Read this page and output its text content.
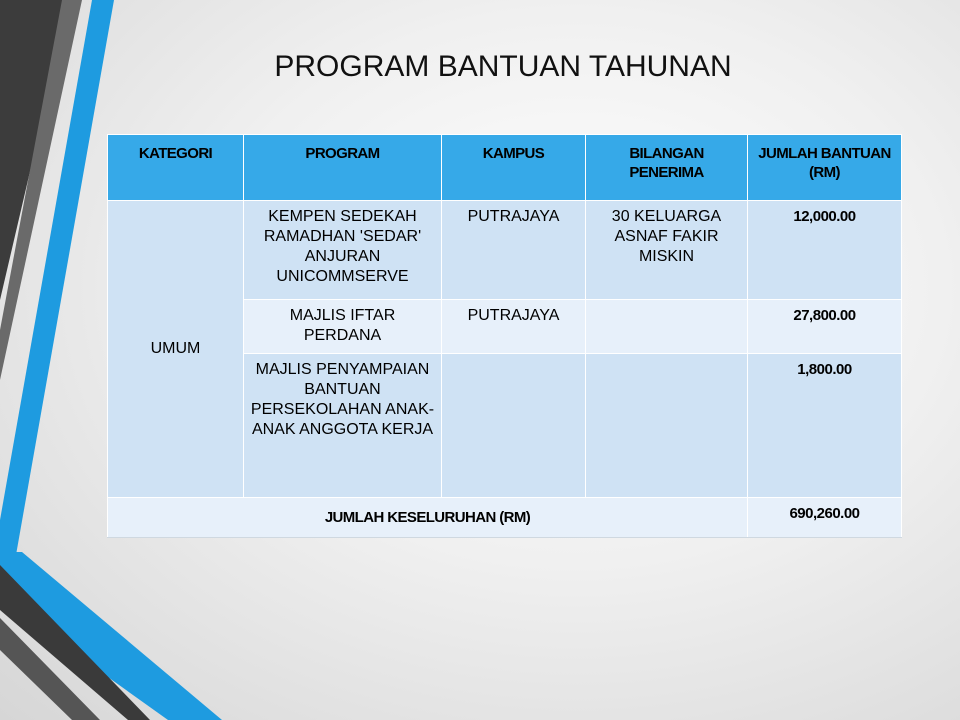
PROGRAM BANTUAN TAHUNAN
KATEGORI	PROGRAM	KAMPUS	BILANGAN PENERIMA	JUMLAH BANTUAN (RM)
UMUM	KEMPEN SEDEKAH RAMADHAN 'SEDAR' ANJURAN UNICOMMSERVE	PUTRAJAYA	30 KELUARGA ASNAF FAKIR MISKIN	12,000.00
	MAJLIS IFTAR PERDANA	PUTRAJAYA		27,800.00
	MAJLIS PENYAMPAIAN BANTUAN PERSEKOLAHAN ANAK-ANAK ANGGOTA KERJA			1,800.00
JUMLAH KESELURUHAN (RM)				690,260.00
